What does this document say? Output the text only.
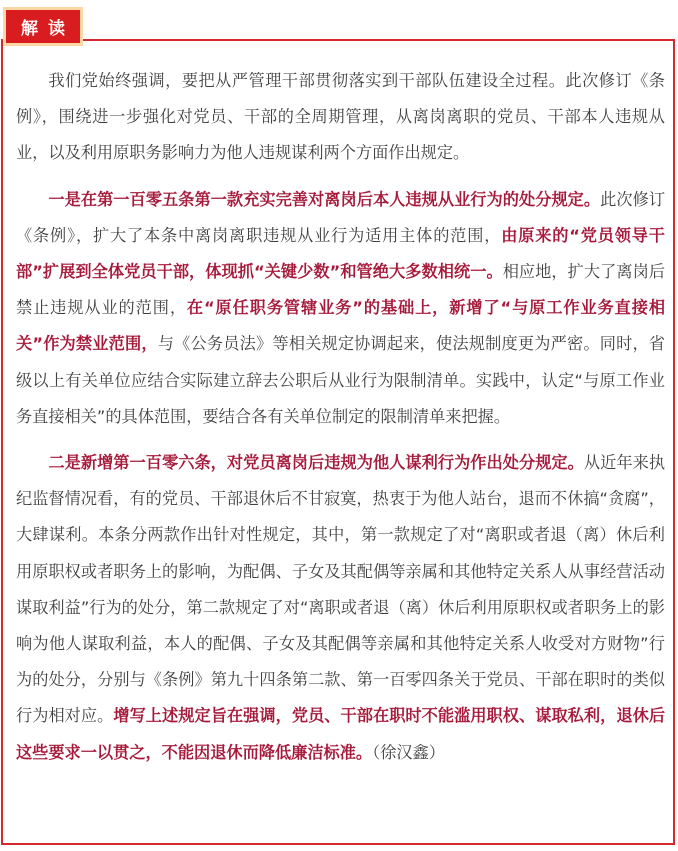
解读

我们党始终强调，要把从严管理干部贯彻落实到干部队伍建设全过程。此次修订《条例》，围绕进一步强化对党员、干部的全周期管理，从离岗离职的党员、干部本人违规从业，以及利用原职务影响力为他人违规谋利两个方面作出规定。

一是在第一百零五条第一款充实完善对离岗后本人违规从业行为的处分规定。此次修订《条例》，扩大了本条中离岗离职违规从业行为适用主体的范围，由原来的“党员领导干部”扩展到全体党员干部，体现抓“关键少数”和管绝大多数相统一。相应地，扩大了离岗后禁止违规从业的范围，在“原任职务管辖业务”的基础上，新增了“与原工作业务直接相关”作为禁业范围，与《公务员法》等相关规定协调起来，使法规制度更为严密。同时，省级以上有关单位应结合实际建立辞去公职后从业行为限制清单。实践中，认定“与原工作业务直接相关”的具体范围，要结合各有关单位制定的限制清单来把握。

二是新增第一百零六条，对党员离岗后违规为他人谋利行为作出处分规定。从近年来执纪监督情况看，有的党员、干部退休后不甘寂寞，热衷于为他人站台，退而不休搞“贪腐”，大肆谋利。本条分两款作出针对性规定，其中，第一款规定了对“离职或者退（离）休后利用原职权或者职务上的影响，为配偶、子女及其配偶等亲属和其他特定关系人从事经营活动谋取利益”行为的处分，第二款规定了对“离职或者退（离）休后利用原职权或者职务上的影响为他人谋取利益，本人的配偶、子女及其配偶等亲属和其他特定关系人收受对方财物”行为的处分，分别与《条例》第九十四条第二款、第一百零四条关于党员、干部在职时的类似行为相对应。增写上述规定旨在强调，党员、干部在职时不能滥用职权、谋取私利，退休后这些要求一以贯之，不能因退休而降低廉洁标准。（徐汉鑫）
